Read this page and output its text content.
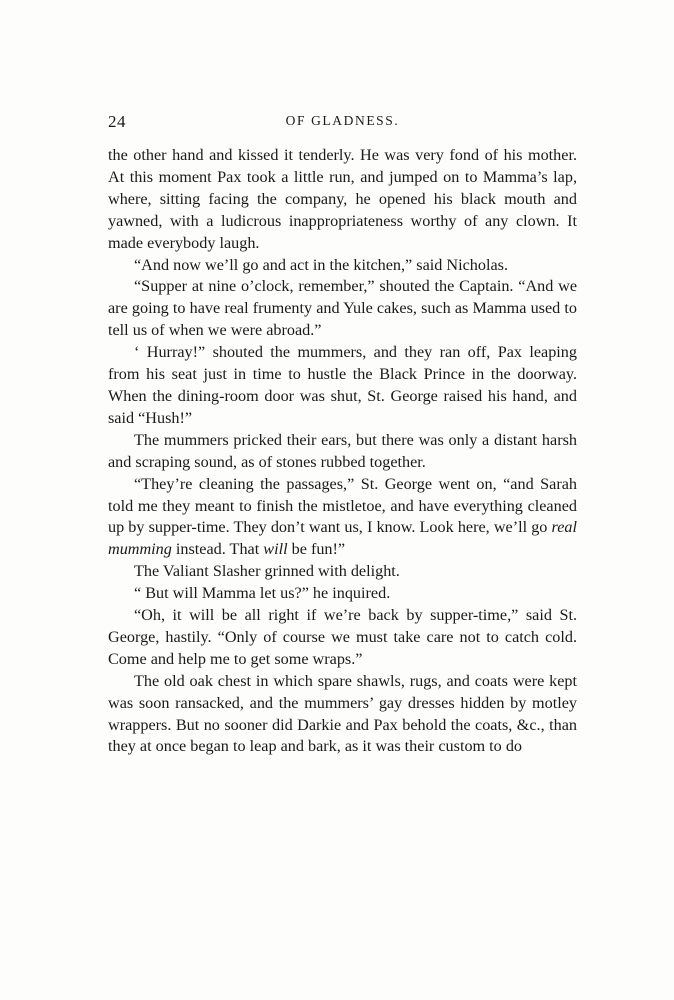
24	OF GLADNESS.

the other hand and kissed it tenderly. He was very fond of his mother. At this moment Pax took a little run, and jumped on to Mamma’s lap, where, sitting facing the company, he opened his black mouth and yawned, with a ludicrous inappropriateness worthy of any clown. It made everybody laugh.

“And now we’ll go and act in the kitchen,” said Nicholas.

“Supper at nine o’clock, remember,” shouted the Captain. “And we are going to have real frumenty and Yule cakes, such as Mamma used to tell us of when we were abroad.”

‘ Hurray!” shouted the mummers, and they ran off, Pax leaping from his seat just in time to hustle the Black Prince in the doorway. When the dining-room door was shut, St. George raised his hand, and said “Hush!”

The mummers pricked their ears, but there was only a distant harsh and scraping sound, as of stones rubbed together.

“They’re cleaning the passages,” St. George went on, “and Sarah told me they meant to finish the mistletoe, and have everything cleaned up by supper-time. They don’t want us, I know. Look here, we’ll go real mumming instead. That will be fun!”

The Valiant Slasher grinned with delight.

“ But will Mamma let us?” he inquired.

“Oh, it will be all right if we’re back by supper-time,” said St. George, hastily. “Only of course we must take care not to catch cold. Come and help me to get some wraps.”

The old oak chest in which spare shawls, rugs, and coats were kept was soon ransacked, and the mummers’ gay dresses hidden by motley wrappers. But no sooner did Darkie and Pax behold the coats, &c., than they at once began to leap and bark, as it was their custom to do
